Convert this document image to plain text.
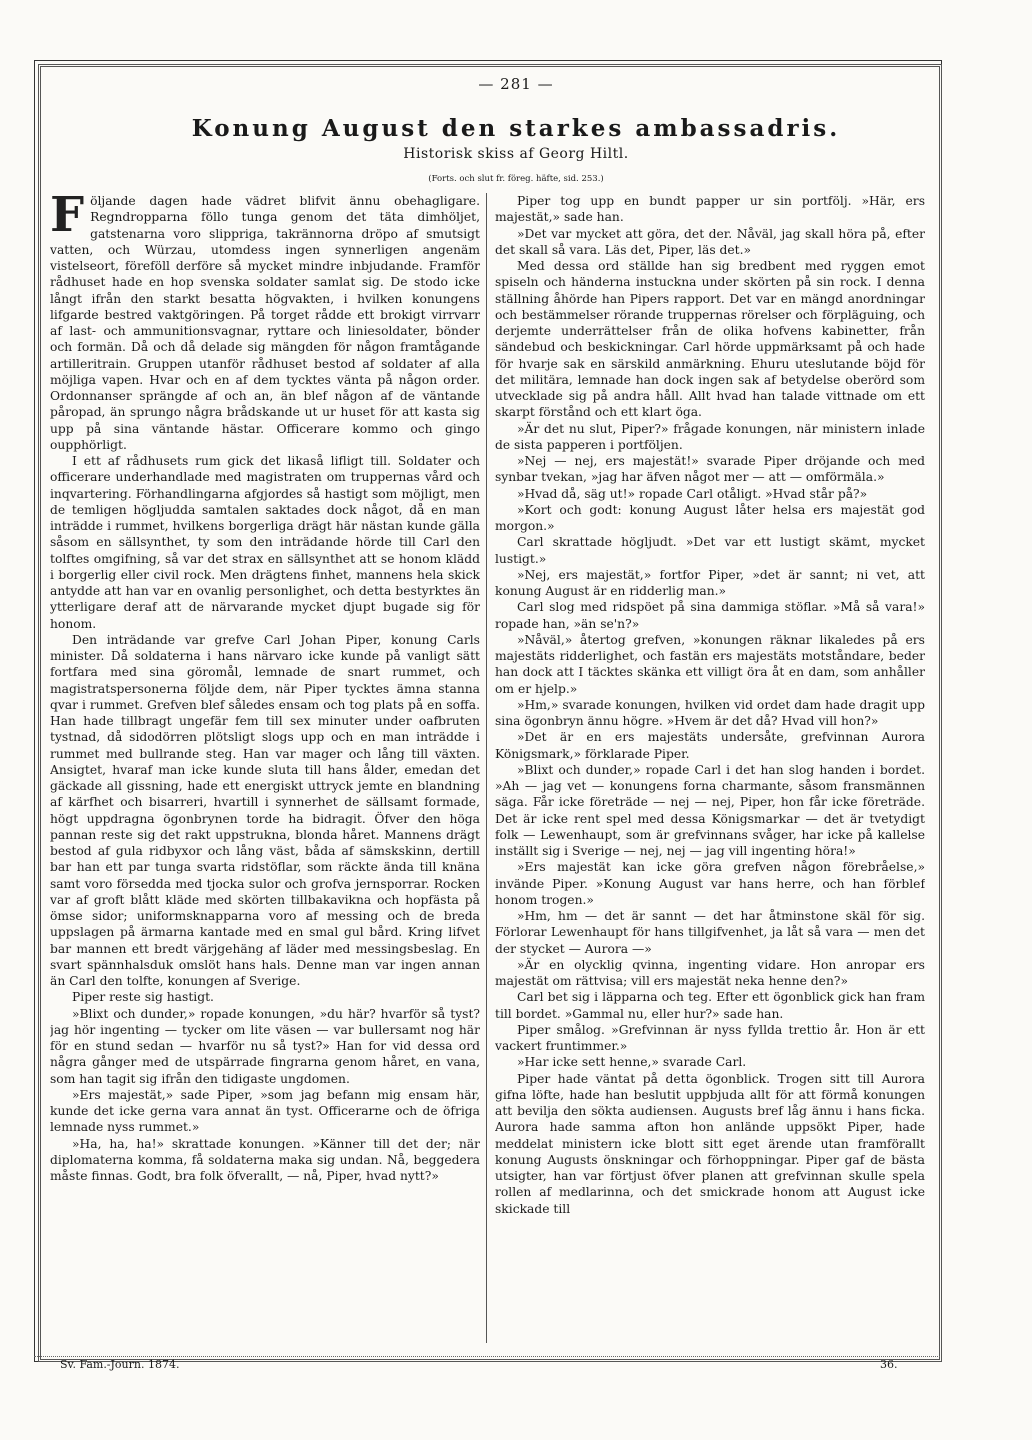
— 281 —
Konung August den starkes ambassadris.
Historisk skiss af Georg Hiltl.
(Forts. och slut fr. föreg. häfte, sid. 253.)
F öljande dagen hade vädret blifvit ännu obehagligare. Regndropparna föllo tunga genom det täta dimhöljet, gatstenarna voro slippriga, takrännorna dröpo af smutsigt vatten, och Würzau, utomdess ingen synnerligen angenäm vistelseort, föreföll derföre så mycket mindre inbjudande. Framför rådhuset hade en hop svenska soldater samlat sig. De stodo icke långt ifrån den starkt besatta högvakten, i hvilken konungens lifgarde bestred vaktgöringen. På torget rådde ett brokigt virrvarr af last- och ammunitionsvagnar, ryttare och liniesoldater, bönder och formän. Då och då delade sig mängden för någon framtågande artilleritrain. Gruppen utanför rådhuset bestod af soldater af alla möjliga vapen. Hvar och en af dem tycktes vänta på någon order. Ordonnanser sprängde af och an, än blef någon af de väntande påropad, än sprungo några brådskande ut ur huset för att kasta sig upp på sina väntande hästar. Officerare kommo och gingo oupphörligt.

I ett af rådhusets rum gick det likaså lifligt till. Soldater och officerare underhandlade med magistraten om truppernas vård och inqvartering. Förhandlingarna afgjordes så hastigt som möjligt, men de temligen högljudda samtalen saktades dock något, då en man inträdde i rummet, hvilkens borgerliga drägt här nästan kunde gälla såsom en sällsynthet, ty som den inträdande hörde till Carl den tolftes omgifning, så var det strax en sällsynthet att se honom klädd i borgerlig eller civil rock. Men drägtens finhet, mannens hela skick antydde att han var en ovanlig personlighet, och detta bestyrktes än ytterligare deraf att de närvarande mycket djupt bugade sig för honom.

Den inträdande var grefve Carl Johan Piper, konung Carls minister. Då soldaterna i hans närvaro icke kunde på vanligt sätt fortfara med sina göromål, lemnade de snart rummet, och magistratspersonerna följde dem, när Piper tycktes ämna stanna qvar i rummet. Grefven blef således ensam och tog plats på en soffa. Han hade tillbragt ungefär fem till sex minuter under oafbruten tystnad, då sidodörren plötsligt slogs upp och en man inträdde i rummet med bullrande steg. Han var mager och lång till växten. Ansigtet, hvaraf man icke kunde sluta till hans ålder, emedan det gäckade all gissning, hade ett energiskt uttryck jemte en blandning af kärfhet och bisarreri, hvartill i synnerhet de sällsamt formade, högt uppdragna ögonbrynen torde ha bidragit. Öfver den höga pannan reste sig det rakt uppstrukna, blonda håret. Mannens drägt bestod af gula ridbyxor och lång väst, båda af sämskskinn, dertill bar han ett par tunga svarta ridstöflar, som räckte ända till knäna samt voro försedda med tjocka sulor och grofva jernsporrar. Rocken var af groft blått kläde med skörten tillbakavikna och hopfästa på ömse sidor; uniformsknapparna voro af messing och de breda uppslagen på ärmarna kantade med en smal gul bård. Kring lifvet bar mannen ett bredt värjgehäng af läder med messingsbeslag. En svart spännhalsduk omslöt hans hals. Denne man var ingen annan än Carl den tolfte, konungen af Sverige.

Piper reste sig hastigt.

»Blixt och dunder,» ropade konungen, »du här? hvarför så tyst? jag hör ingenting — tycker om lite väsen — var bullersamt nog här för en stund sedan — hvarför nu så tyst?» Han for vid dessa ord några gånger med de utspärrade fingrarna genom håret, en vana, som han tagit sig ifrån den tidigaste ungdomen.

»Ers majestät,» sade Piper, »som jag befann mig ensam här, kunde det icke gerna vara annat än tyst. Officerarne och de öfriga lemnade nyss rummet.»

»Ha, ha, ha!» skrattade konungen. »Känner till det der; när diplomaterna komma, få soldaterna maka sig undan. Nå, beggedera måste finnas. Godt, bra folk öfverallt, — nå, Piper, hvad nytt?»

Piper tog upp en bundt papper ur sin portfölj. »Här, ers majestät,» sade han.

»Det var mycket att göra, det der. Nåväl, jag skall höra på, efter det skall så vara. Läs det, Piper, läs det.»

Med dessa ord ställde han sig bredbent med ryggen emot spiseln och händerna instuckna under skörten på sin rock. I denna ställning åhörde han Pipers rapport. Det var en mängd anordningar och bestämmelser rörande truppernas rörelser och förpläguing, och derjemte underrättelser från de olika hofvens kabinetter, från sändebud och beskickningar. Carl hörde uppmärksamt på och hade för hvarje sak en särskild anmärkning. Ehuru uteslutande böjd för det militära, lemnade han dock ingen sak af betydelse oberörd som utvecklade sig på andra håll. Allt hvad han talade vittnade om ett skarpt förstånd och ett klart öga.

»Är det nu slut, Piper?» frågade konungen, när ministern inlade de sista papperen i portföljen.

»Nej — nej, ers majestät!» svarade Piper dröjande och med synbar tvekan, »jag har äfven något mer — att — omförmäla.»

»Hvad då, säg ut!» ropade Carl otåligt. »Hvad står på?»

»Kort och godt: konung August låter helsa ers majestät god morgon.»

Carl skrattade högljudt. »Det var ett lustigt skämt, mycket lustigt.»

»Nej, ers majestät,» fortfor Piper, »det är sannt; ni vet, att konung August är en ridderlig man.»

Carl slog med ridspöet på sina dammiga stöflar. »Må så vara!» ropade han, »än se'n?»

»Nåväl,» återtog grefven, »konungen räknar likaledes på ers majestäts ridderlighet, och fastän ers majestäts motståndare, beder han dock att I täcktes skänka ett villigt öra åt en dam, som anhåller om er hjelp.»

»Hm,» svarade konungen, hvilken vid ordet dam hade dragit upp sina ögonbryn ännu högre. »Hvem är det då? Hvad vill hon?»

»Det är en ers majestäts undersåte, grefvinnan Aurora Königsmark,» förklarade Piper.

»Blixt och dunder,» ropade Carl i det han slog handen i bordet. »Ah — jag vet — konungens forna charmante, såsom fransmännen säga. Får icke företräde — nej — nej, Piper, hon får icke företräde. Det är icke rent spel med dessa Königsmarkar — det är tvetydigt folk — Lewenhaupt, som är grefvinnans svåger, har icke på kallelse inställt sig i Sverige — nej, nej — jag vill ingenting höra!»

»Ers majestät kan icke göra grefven någon förebråelse,» invände Piper. »Konung August var hans herre, och han förblef honom trogen.»

»Hm, hm — det är sannt — det har åtminstone skäl för sig. Förlorar Lewenhaupt för hans tillgifvenhet, ja låt så vara — men det der stycket — Aurora —»

»Är en olycklig qvinna, ingenting vidare. Hon anropar ers majestät om rättvisa; vill ers majestät neka henne den?»

Carl bet sig i läpparna och teg. Efter ett ögonblick gick han fram till bordet. »Gammal nu, eller hur?» sade han.

Piper smålog. »Grefvinnan är nyss fyllda trettio år. Hon är ett vackert fruntimmer.»

»Har icke sett henne,» svarade Carl.

Piper hade väntat på detta ögonblick. Trogen sitt till Aurora gifna löfte, hade han beslutit uppbjuda allt för att förmå konungen att bevilja den sökta audiensen. Augusts bref låg ännu i hans ficka. Aurora hade samma afton hon anlände uppsökt Piper, hade meddelat ministern icke blott sitt eget ärende utan framförallt konung Augusts önskningar och förhoppningar. Piper gaf de bästa utsigter, han var förtjust öfver planen att grefvinnan skulle spela rollen af medlarinna, och det smickrade honom att August icke skickade till

Sv. Fam.-Journ. 1874.	36.
